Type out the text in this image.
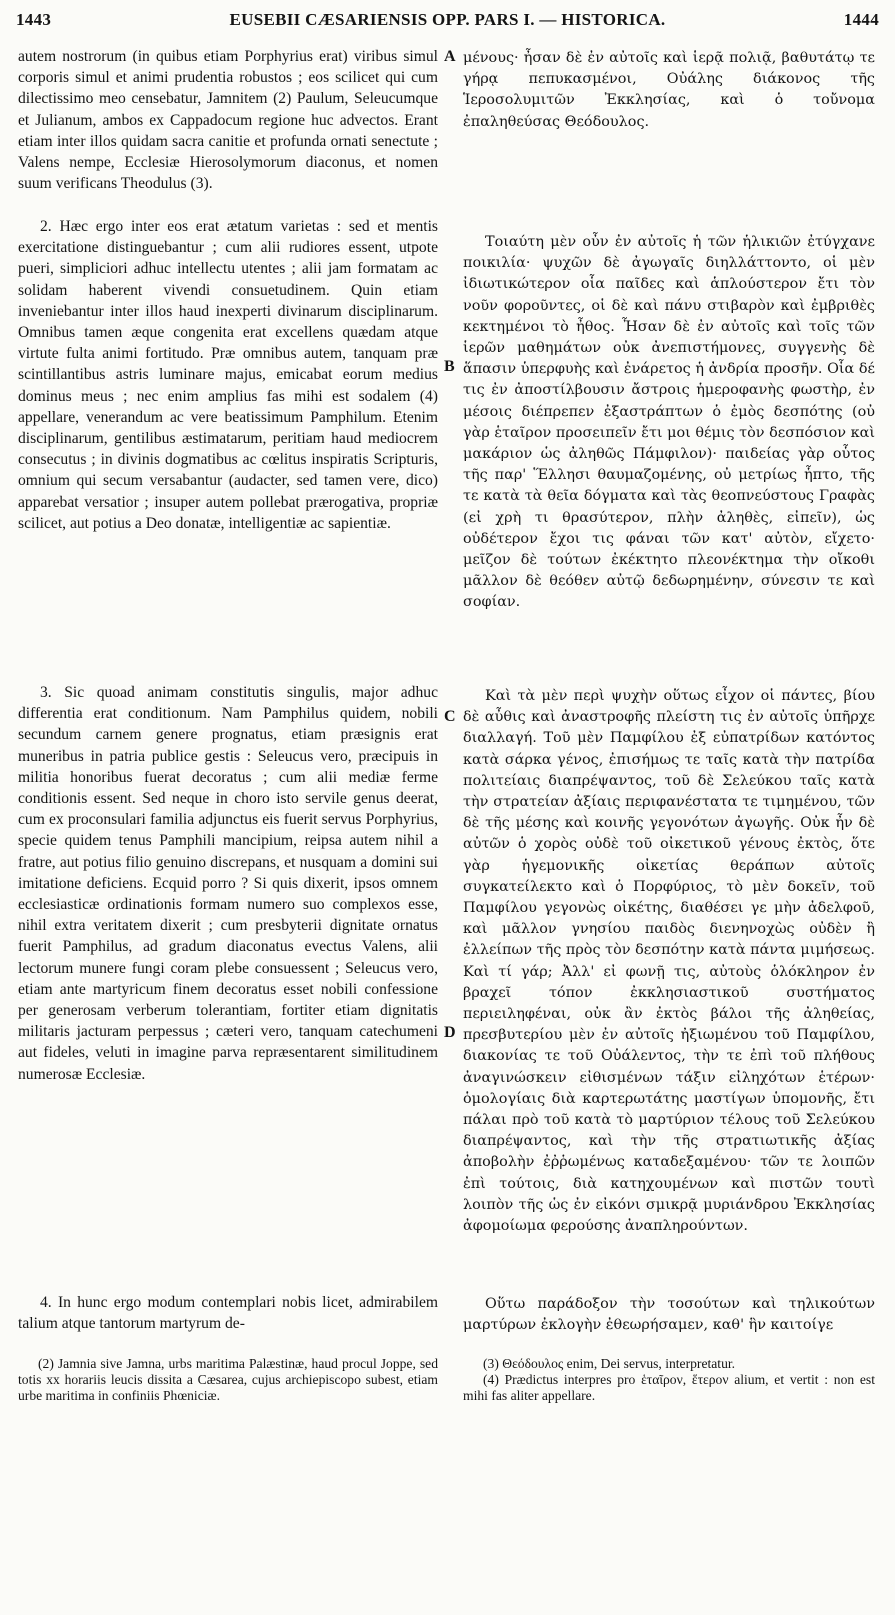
1443	EUSEBII CÆSARIENSIS OPP. PARS I. — HISTORICA.	1444

autem nostrorum (in quibus etiam Porphyrius erat) viribus simul corporis simul et animi prudentia robustos ; eos scilicet qui cum dilectissimo meo censebatur, Jamnitem (2) Paulum, Seleucumque et Julianum, ambos ex Cappadocum regione huc advectos. Erant etiam inter illos quidam sacra canitie et profunda ornati senectute ; Valens nempe, Ecclesiæ Hierosolymorum diaconus, et nomen suum verificans Theodulus (3).

2. Hæc ergo inter eos erat ætatum varietas : sed et mentis exercitatione distinguebantur ; cum alii rudiores essent, utpote pueri, simpliciori adhuc intellectu utentes ; alii jam formatam ac solidam haberent vivendi consuetudinem. Quin etiam inveniebantur inter illos haud inexperti divinarum disciplinarum. Omnibus tamen æque congenita erat excellens quædam atque virtute fulta animi fortitudo. Præ omnibus autem, tanquam præ scintillantibus astris luminare majus, emicabat eorum medius dominus meus ; nec enim amplius fas mihi est sodalem (4) appellare, venerandum ac vere beatissimum Pamphilum. Etenim disciplinarum, gentilibus æstimatarum, peritiam haud mediocrem consecutus ; in divinis dogmatibus ac cœlitus inspiratis Scripturis, omnium qui secum versabantur (audacter, sed tamen vere, dico) apparebat versatior ; insuper autem pollebat prærogativa, propriæ scilicet, aut potius a Deo donatæ, intelligentiæ ac sapientiæ.

3. Sic quoad animam constitutis singulis, major adhuc differentia erat conditionum. Nam Pamphilus quidem, nobili secundum carnem genere prognatus, etiam præsignis erat muneribus in patria publice gestis : Seleucus vero, præcipuis in militia honoribus fuerat decoratus ; cum alii mediæ ferme conditionis essent. Sed neque in choro isto servile genus deerat, cum ex proconsulari familia adjunctus eis fuerit servus Porphyrius, specie quidem tenus Pamphili mancipium, reipsa autem nihil a fratre, aut potius filio genuino discrepans, et nusquam a domini sui imitatione deficiens. Ecquid porro ? Si quis dixerit, ipsos omnem ecclesiasticæ ordinationis formam numero suo complexos esse, nihil extra veritatem dixerit ; cum presbyterii dignitate ornatus fuerit Pamphilus, ad gradum diaconatus evectus Valens, alii lectorum munere fungi coram plebe consuessent ; Seleucus vero, etiam ante martyricum finem decoratus esset nobili confessione per generosam verberum tolerantiam, fortiter etiam dignitatis militaris jacturam perpessus ; cæteri vero, tanquam catechumeni aut fideles, veluti in imagine parva repræsentarent similitudinem numerosæ Ecclesiæ.

4. In hunc ergo modum contemplari nobis licet, admirabilem talium atque tantorum martyrum de-

μένους· ἦσαν δὲ ἐν αὐτοῖς καὶ ἱερᾷ πολιᾷ, βαθυτάτῳ τε γήρᾳ πεπυκασμένοι, Οὐάλης διάκονος τῆς Ἱεροσολυμιτῶν Ἐκκλησίας, καὶ ὁ τοὔνομα ἐπαληθεύσας Θεόδουλος.

Τοιαύτη μὲν οὖν ἐν αὐτοῖς ἡ τῶν ἡλικιῶν ἐτύγχανε ποικιλία· ψυχῶν δὲ ἀγωγαῖς διηλλάττοντο, οἱ μὲν ἰδιωτικώτερον οἷα παῖδες καὶ ἁπλούστερον ἔτι τὸν νοῦν φοροῦντες, οἱ δὲ καὶ πάνυ στιβαρὸν καὶ ἐμβριθὲς κεκτημένοι τὸ ἦθος. Ἦσαν δὲ ἐν αὐτοῖς καὶ τοῖς τῶν ἱερῶν μαθημάτων οὐκ ἀνεπιστήμονες, συγγενὴς δὲ ἅπασιν ὑπερφυὴς καὶ ἐνάρετος ἡ ἀνδρία προσῆν. Οἷα δέ τις ἐν ἀποστίλβουσιν ἄστροις ἡμεροφανὴς φωστὴρ, ἐν μέσοις διέπρεπεν ἐξαστράπτων ὁ ἐμὸς δεσπότης (οὐ γὰρ ἑταῖρον προσειπεῖν ἔτι μοι θέμις τὸν δεσπόσιον καὶ μακάριον ὡς ἀληθῶς Πάμφιλον)· παιδείας γὰρ οὗτος τῆς παρ' Ἕλλησι θαυμαζομένης, οὐ μετρίως ἧπτο, τῆς τε κατὰ τὰ θεῖα δόγματα καὶ τὰς θεοπνεύστους Γραφὰς (εἰ χρὴ τι θρασύτερον, πλὴν ἀληθὲς, εἰπεῖν), ὡς οὐδέτερον ἔχοι τις φάναι τῶν κατ' αὐτὸν, εἴχετο· μεῖζον δὲ τούτων ἐκέκτητο πλεονέκτημα τὴν οἴκοθι μᾶλλον δὲ θεόθεν αὐτῷ δεδωρημένην, σύνεσιν τε καὶ σοφίαν.

Καὶ τὰ μὲν περὶ ψυχὴν οὕτως εἶχον οἱ πάντες, βίου δὲ αὖθις καὶ ἀναστροφῆς πλείστη τις ἐν αὐτοῖς ὑπῆρχε διαλλαγή. Τοῦ μὲν Παμφίλου ἐξ εὐπατρίδων κατόντος κατὰ σάρκα γένος, ἐπισήμως τε ταῖς κατὰ τὴν πατρίδα πολιτείαις διαπρέψαντος, τοῦ δὲ Σελεύκου ταῖς κατὰ τὴν στρατείαν ἀξίαις περιφανέστατα τε τιμημένου, τῶν δὲ τῆς μέσης καὶ κοινῆς γεγονότων ἀγωγῆς. Οὐκ ἦν δὲ αὐτῶν ὁ χορὸς οὐδὲ τοῦ οἰκετικοῦ γένους ἐκτὸς, ὅτε γὰρ ἡγεμονικῆς οἰκετίας θεράπων αὐτοῖς συγκατείλεκτο καὶ ὁ Πορφύριος, τὸ μὲν δοκεῖν, τοῦ Παμφίλου γεγονὼς οἰκέτης, διαθέσει γε μὴν ἀδελφοῦ, καὶ μᾶλλον γνησίου παιδὸς διενηνοχὼς οὐδὲν ἢ ἐλλείπων τῆς πρὸς τὸν δεσπότην κατὰ πάντα μιμήσεως. Καὶ τί γάρ; Ἀλλ' εἰ φωνῇ τις, αὐτοὺς ὁλόκληρον ἐν βραχεῖ τόπον ἐκκλησιαστικοῦ συστήματος περιειληφέναι, οὐκ ἂν ἐκτὸς βάλοι τῆς ἀληθείας, πρεσβυτερίου μὲν ἐν αὐτοῖς ἠξιωμένου τοῦ Παμφίλου, διακονίας τε τοῦ Οὐάλεντος, τὴν τε ἐπὶ τοῦ πλήθους ἀναγινώσκειν εἰθισμένων τάξιν εἰληχότων ἑτέρων· ὁμολογίαις διὰ καρτερωτάτης μαστίγων ὑπομονῆς, ἔτι πάλαι πρὸ τοῦ κατὰ τὸ μαρτύριον τέλους τοῦ Σελεύκου διαπρέψαντος, καὶ τὴν τῆς στρατιωτικῆς ἀξίας ἀποβολὴν ἐῤῥωμένως καταδεξαμένου· τῶν τε λοιπῶν ἐπὶ τούτοις, διὰ κατηχουμένων καὶ πιστῶν τουτὶ λοιπὸν τῆς ὡς ἐν εἰκόνι σμικρᾷ μυριάνδρου Ἐκκλησίας ἀφομοίωμα φερούσης ἀναπληρούντων.

Οὕτω παράδοξον τὴν τοσούτων καὶ τηλικούτων μαρτύρων ἐκλογὴν ἐθεωρήσαμεν, καθ' ἣν καιτοίγε

A
B
C
D

(2) Jamnia sive Jamna, urbs maritima Palæstinæ, haud procul Joppe, sed totis xx horariis leucis dissita a Cæsarea, cujus archiepiscopo subest, etiam urbe maritima in confiniis Phœniciæ.

(3) Θεόδουλος enim, Dei servus, interpretatur.

(4) Prædictus interpres pro ἑταῖρον, ἕτερον alium, et vertit : non est mihi fas aliter appellare.
